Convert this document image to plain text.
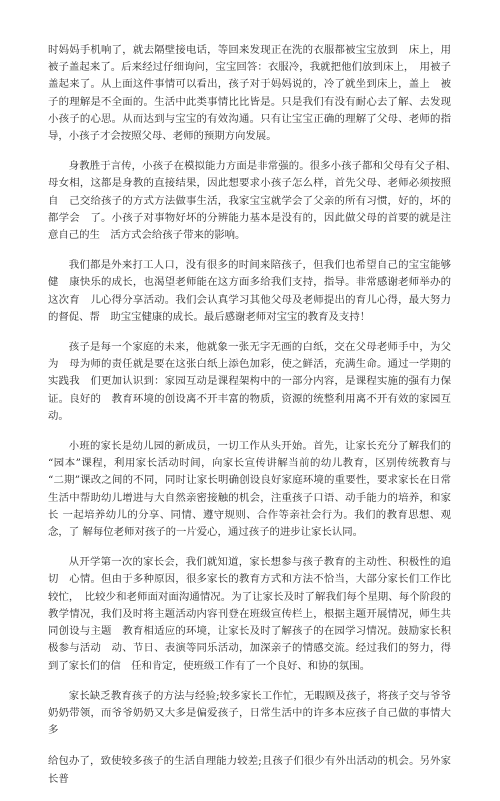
时妈妈手机响了，就去隔壁接电话，等回来发现正在洗的衣服都被宝宝放到　床上，用被子盖起来了。后来经过仔细询问，宝宝回答：衣服冷，我就把他们放到床上，　用被子盖起来了。从上面这件事情可以看出，孩子对于妈妈说的，冷了就坐到床上，盖上　被子的理解是不全面的。生活中此类事情比比皆是。只是我们有没有耐心去了解、去发现　小孩子的心思。从而达到与宝宝的有效沟通。只有让宝宝正确的理解了父母、老师的指导，小孩子才会按照父母、老师的预期方向发展。

身教胜于言传，小孩子在模拟能力方面是非常强的。很多小孩子都和父母有父子相、　母女相，这都是身教的直接结果，因此想要求小孩子怎么样，首先父母、老师必须按照自　己交给孩子的方式方法做事生活，我家宝宝就学会了父亲的所有习惯，好的，坏的都学会　了。小孩子对事物好坏的分辨能力基本是没有的，因此做父母的首要的就是注意自己的生　活方式会给孩子带来的影响。

我们都是外来打工人口，没有很多的时间来陪孩子，但我们也希望自己的宝宝能够健　康快乐的成长，也渴望老师能在这方面多给我们支持，指导。非常感谢老师举办的这次育　儿心得分享活动。我们会认真学习其他父母及老师提出的育儿心得，最大努力的督促、帮　助宝宝健康的成长。最后感谢老师对宝宝的教育及支持！

孩子是每一个家庭的未来，他就象一张无字无画的白纸，交在父母老师手中，为父为　母为师的责任就是要在这张白纸上添色加彩，使之鲜活，充满生命。通过一学期的实践我　们更加认识到：家园互动是课程架构中的一部分内容，是课程实施的强有力保证。良好的　教育环境的创设离不开丰富的物质，资源的统整利用离不开有效的家园互动。

小班的家长是幼儿园的新成员，一切工作从头开始。首先，让家长充分了解我们的 “园本”课程，利用家长活动时间，向家长宣传讲解当前的幼儿教育，区别传统教育与 “二期”课改之间的不同，同时让家长明确创设良好家庭环境的重要性，要求家长在日常 生活中帮助幼儿增进与大自然亲密接触的机会，注重孩子口语、动手能力的培养，和家长 一起培养幼儿的分享、同情、遵守规则、合作等亲社会行为。我们的教育思想、观念，了 解每位老师对孩子的一片爱心，通过孩子的进步让家长认同。

从开学第一次的家长会，我们就知道，家长想参与孩子教育的主动性、积极性的追切　心情。但由于多种原因，很多家长的教育方式和方法不恰当，大部分家长们工作比较忙，　比较少和老师面对面沟通情况。为了让家长及时了解我们每个星期、每个阶段的教学情况，我们及时将主题活动内容刊登在班级宣传栏上，根据主题开展情况，师生共同创设与主题　教育相适应的环境，让家长及时了解孩子的在园学习情况。鼓励家长积极参与活动　动、节日、表演等同乐活动，加深亲子的情感交流。经过我们的努力，得到了家长们的信　任和肯定，使班级工作有了一个良好、和协的氛围。

家长缺乏教育孩子的方法与经验;较多家长工作忙，无暇顾及孩子，将孩子交与爷爷 奶奶带领，而爷爷奶奶又大多是偏爱孩子，日常生活中的许多本应孩子自己做的事情大多

给包办了，致使较多孩子的生活自理能力较差;且孩子们很少有外出活动的机会。另外家 长普
